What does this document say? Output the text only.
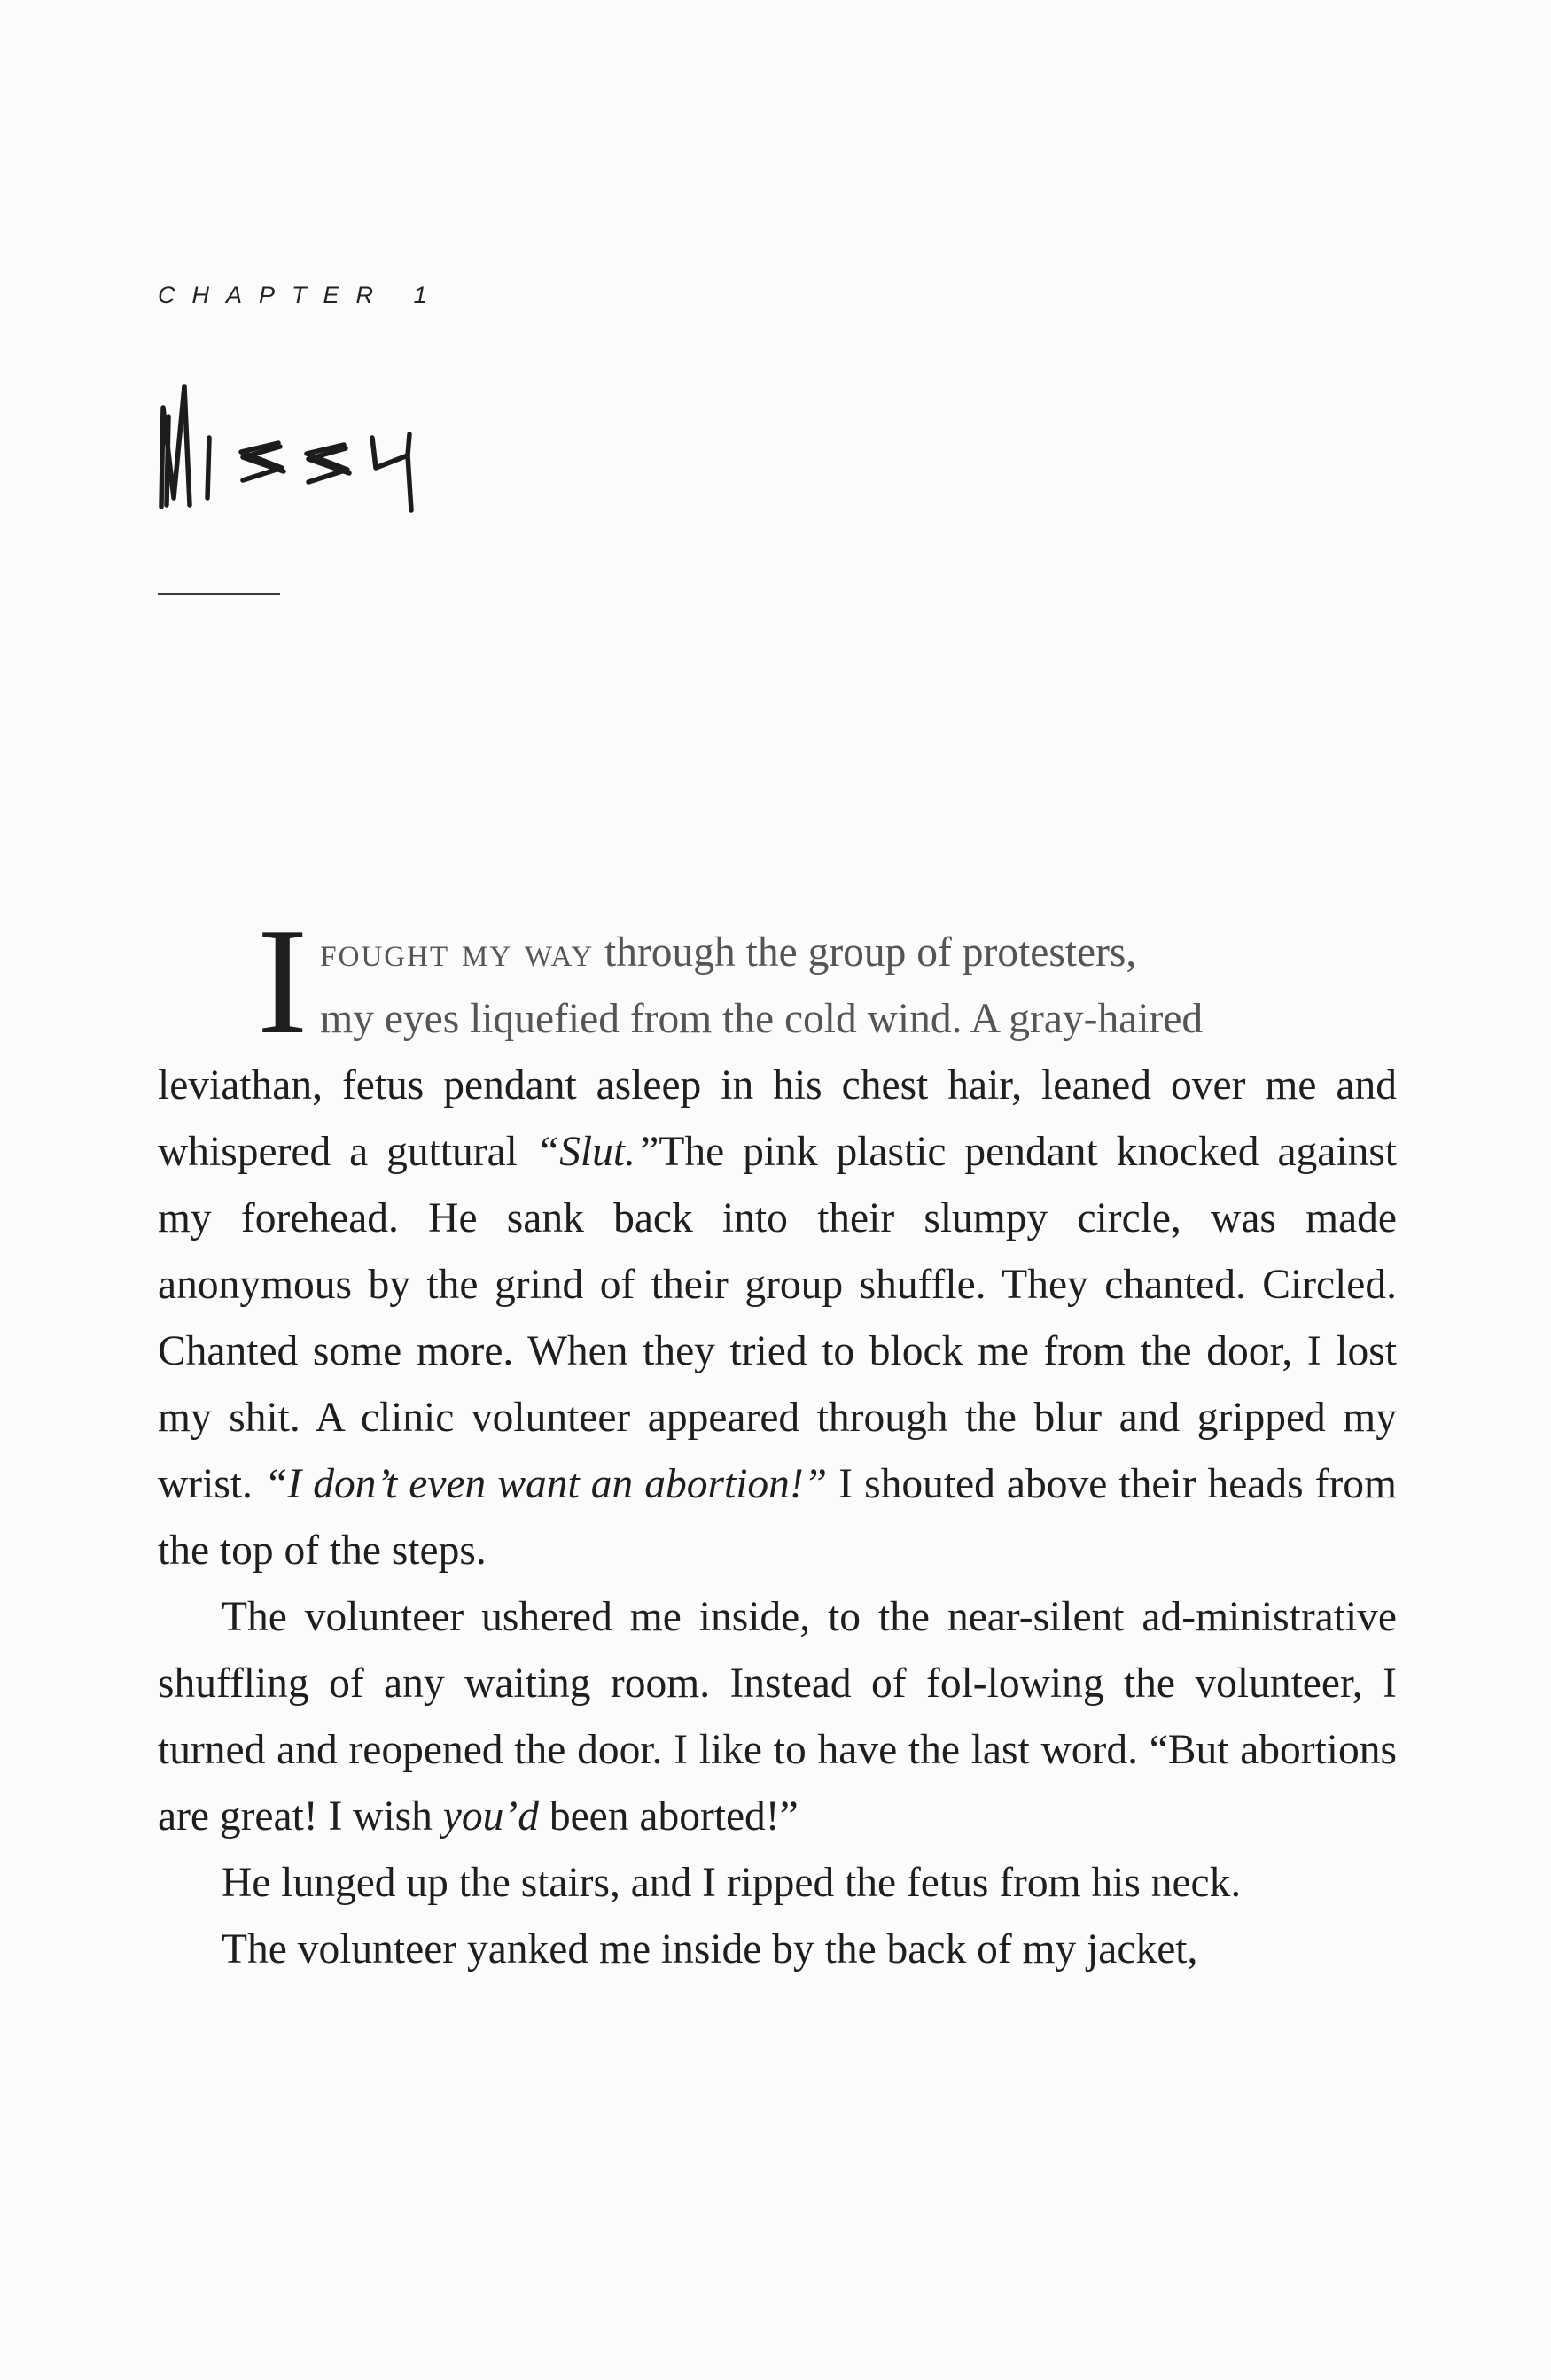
CHAPTER 1

Ifought my way through the group of protesters,
my eyes liquefied from the cold wind. A gray-haired
leviathan, fetus pendant asleep in his chest hair, leaned over me and whispered a guttural “Slut.”The pink plastic pendant knocked against my forehead. He sank back into their slumpy circle, was made anonymous by the grind of their group shuffle. They chanted. Circled. Chanted some more. When they tried to block me from the door, I lost my shit. A clinic volunteer appeared through the blur and gripped my wrist. “I don’t even want an abortion!” I shouted above their heads from the top of the steps.

The volunteer ushered me inside, to the near-silent ad-ministrative shuffling of any waiting room. Instead of fol-lowing the volunteer, I turned and reopened the door. I like to have the last word. “But abortions are great! I wish you’d been aborted!”

He lunged up the stairs, and I ripped the fetus from his neck.

The volunteer yanked me inside by the back of my jacket,
